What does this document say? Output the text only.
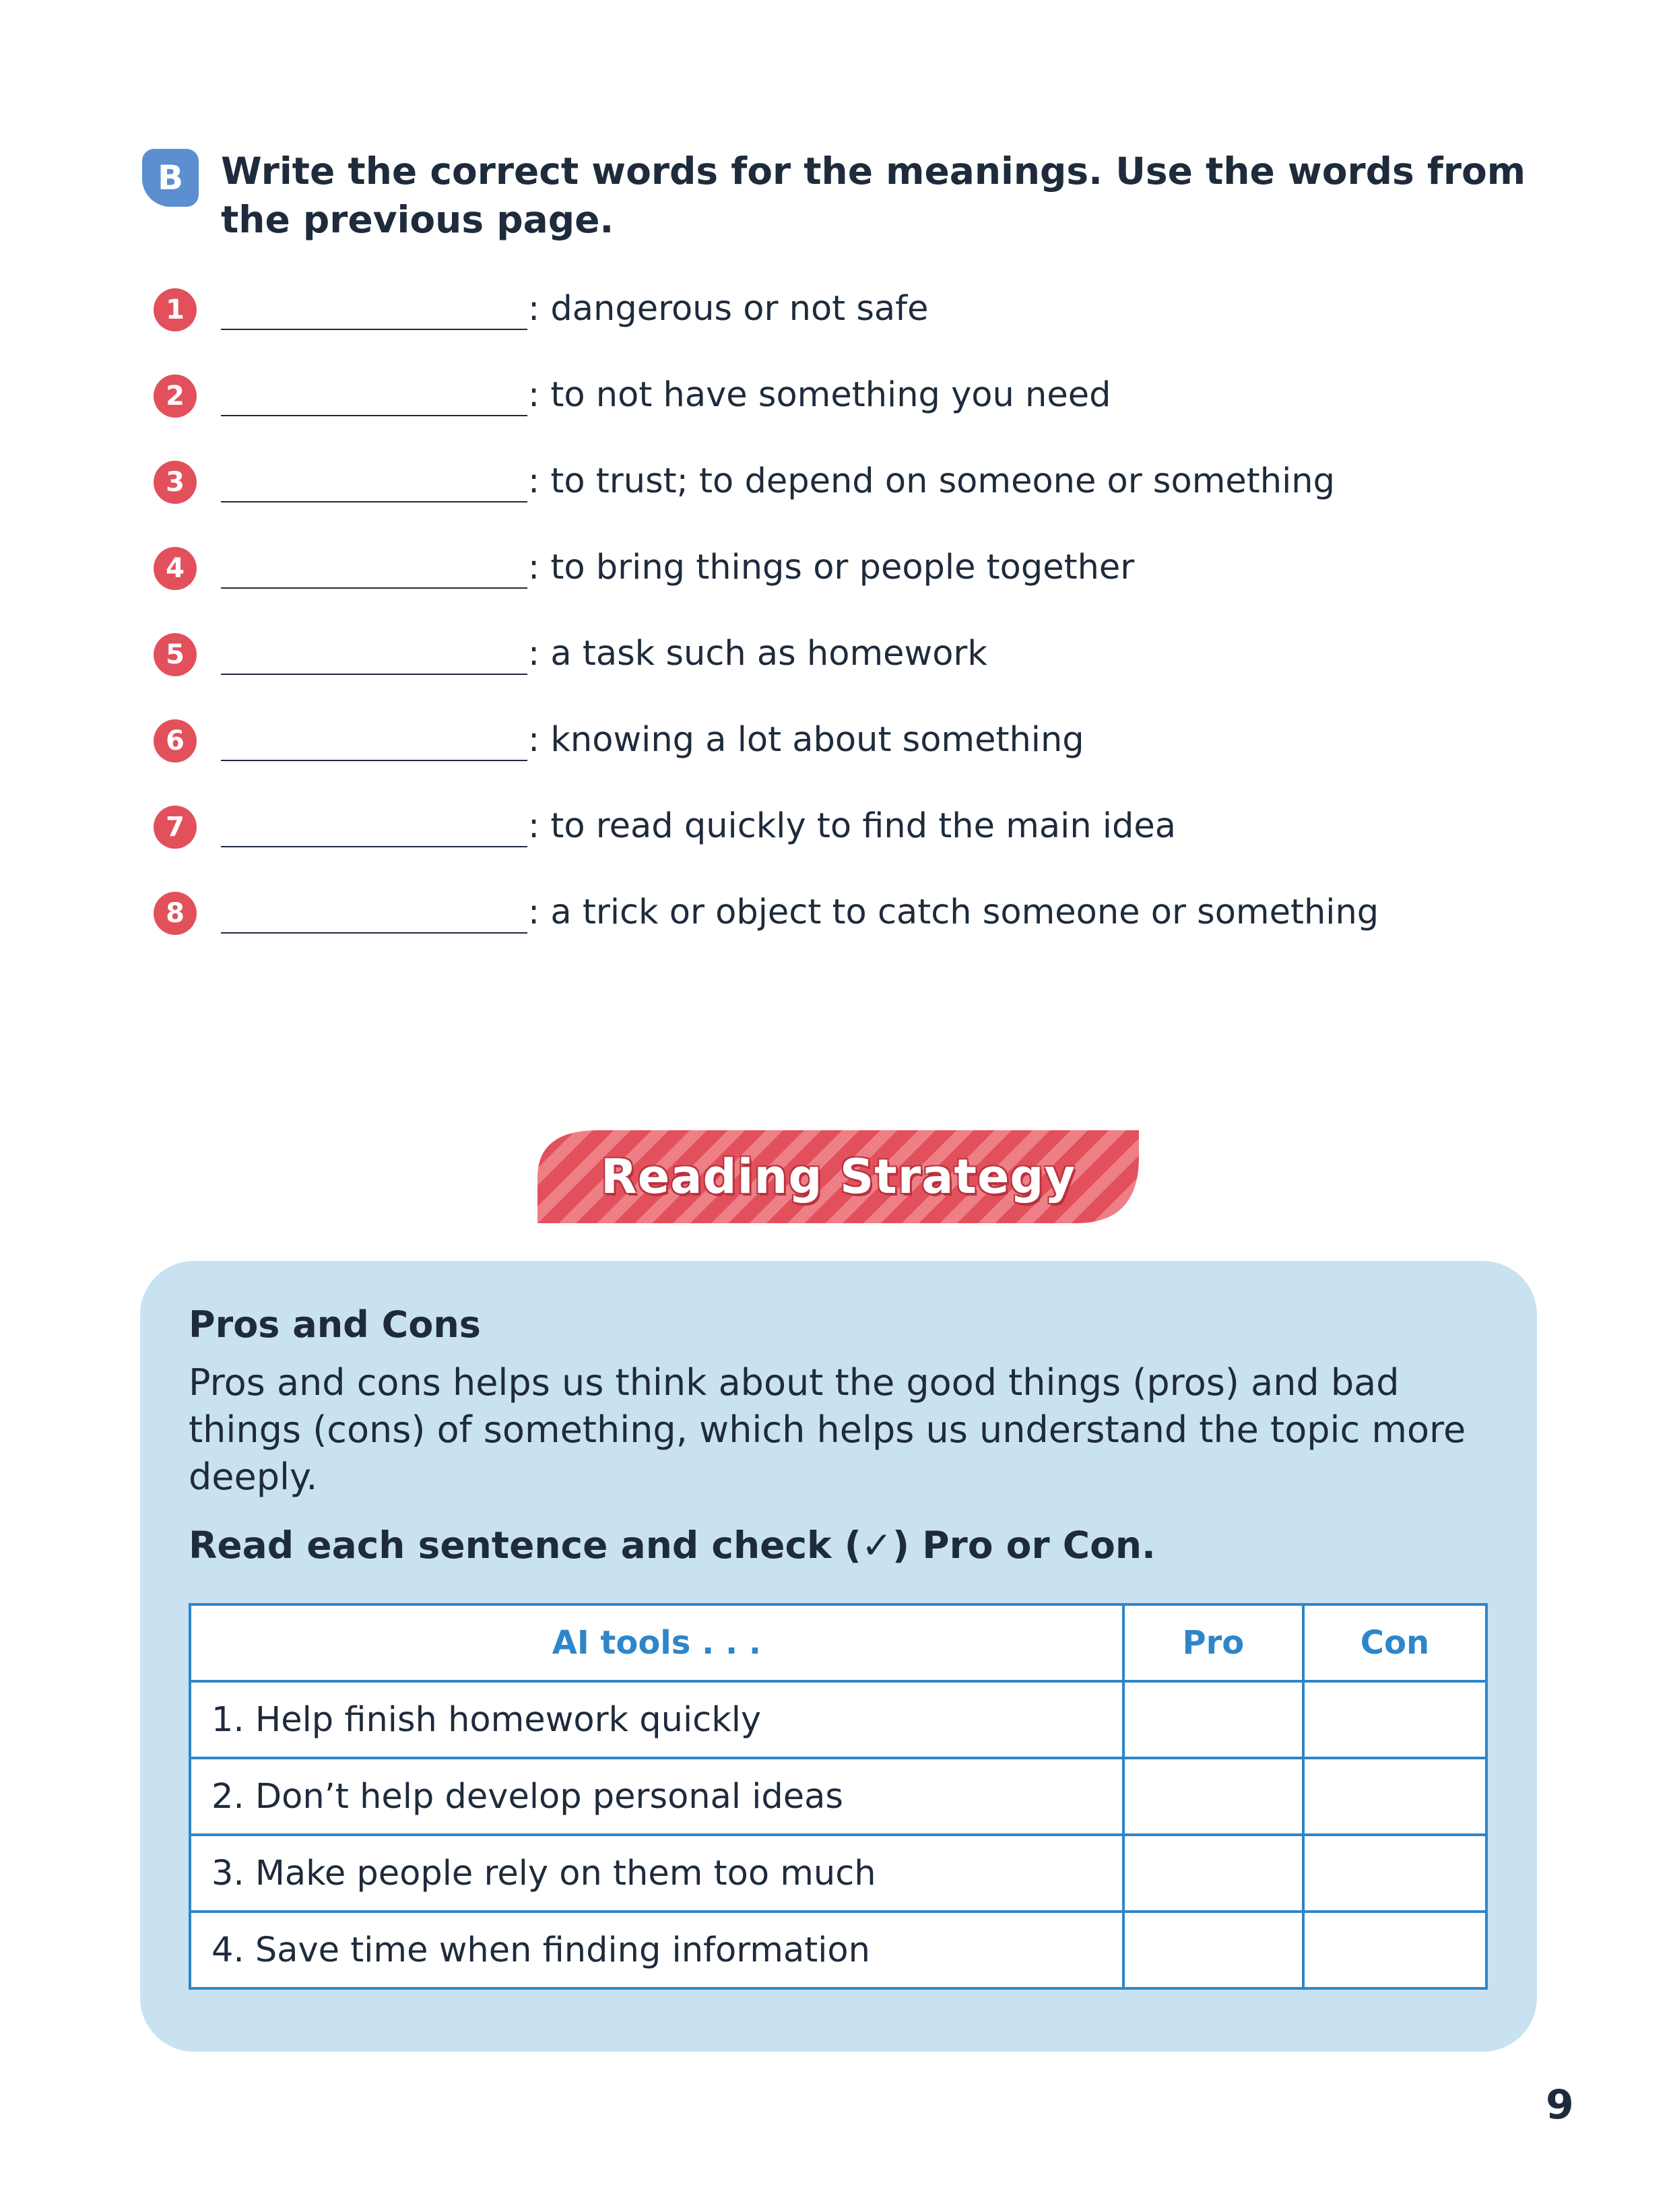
B	Write the correct words for the meanings. Use the words from the previous page.

1	: dangerous or not safe
2	: to not have something you need
3	: to trust; to depend on someone or something
4	: to bring things or people together
5	: a task such as homework
6	: knowing a lot about something
7	: to read quickly to find the main idea
8	: a trick or object to catch someone or something
Reading Strategy
Pros and Cons

Pros and cons helps us think about the good things (pros) and bad things (cons) of something, which helps us understand the topic more deeply.

Read each sentence and check (✓) Pro or Con.
AI tools . . .	Pro	Con
1. Help finish homework quickly		
2. Don’t help develop personal ideas		
3. Make people rely on them too much		
4. Save time when finding information		
9
